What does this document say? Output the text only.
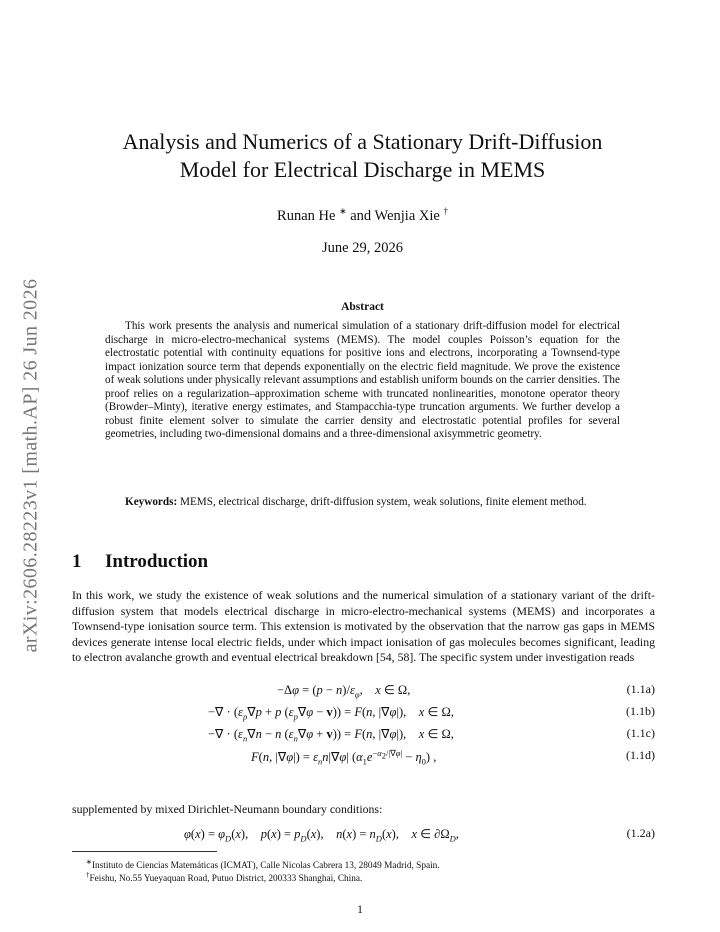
arXiv:2606.28223v1 [math.AP] 26 Jun 2026
Analysis and Numerics of a Stationary Drift-Diffusion
Model for Electrical Discharge in MEMS
Runan He ∗ and Wenjia Xie †
June 29, 2026
Abstract

This work presents the analysis and numerical simulation of a stationary drift-diffusion model for electrical discharge in micro-electro-mechanical systems (MEMS). The model couples Poisson’s equation for the electrostatic potential with continuity equations for positive ions and electrons, incorporating a Townsend-type impact ionization source term that depends exponentially on the electric field magnitude. We prove the existence of weak solutions under physically relevant assumptions and establish uniform bounds on the carrier densities. The proof relies on a regularization–approximation scheme with truncated nonlinearities, monotone operator theory (Browder–Minty), iterative energy estimates, and Stampacchia-type truncation arguments. We further develop a robust finite element solver to simulate the carrier density and electrostatic potential profiles for several geometries, including two-dimensional domains and a three-dimensional axisymmetric geometry.

Keywords: MEMS, electrical discharge, drift-diffusion system, weak solutions, finite element method.

1 Introduction

In this work, we study the existence of weak solutions and the numerical simulation of a stationary variant of the drift-diffusion system that models electrical discharge in micro-electro-mechanical systems (MEMS) and incorporates a Townsend-type ionisation source term. This extension is motivated by the observation that the narrow gas gaps in MEMS devices generate intense local electric fields, under which impact ionisation of gas molecules becomes significant, leading to electron avalanche growth and eventual electrical breakdown [54, 58]. The specific system under investigation reads

$-\Delta\varphi = (p - n)/\varepsilon_\varphi$,    x ∈ Ω,	(1.1a)
−∇ · ($\varepsilon_p\nabla p + p$ $(\varepsilon_p\nabla\varphi - v)) = F(n$, |∇φ|),    x ∈ Ω,	(1.1b)
−∇ · ($\varepsilon_n\nabla n - n$ $(\varepsilon_n\nabla\varphi + v)) = F(n$, |∇φ|),    x ∈ Ω,	(1.1c)
F(n, $|\nabla\varphi|) = \varepsilon_nn|\nabla\varphi|$ $(\alpha_1e^{-\alpha_2/|\nabla\varphi|} - \eta_0)$ ,	(1.1d)

supplemented by mixed Dirichlet-Neumann boundary conditions:

$\varphi(x) = \varphi_D(x)$,    $p(x) = p_D(x)$,    $n(x) = n_D(x)$,    x ∈ $\partial\Omega_D$,	(1.2a)

∗Instituto de Ciencias Matemáticas (ICMAT), Calle Nicolas Cabrera 13, 28049 Madrid, Spain.

†Feishu, No.55 Yueyaquan Road, Putuo District, 200333 Shanghai, China.

1
